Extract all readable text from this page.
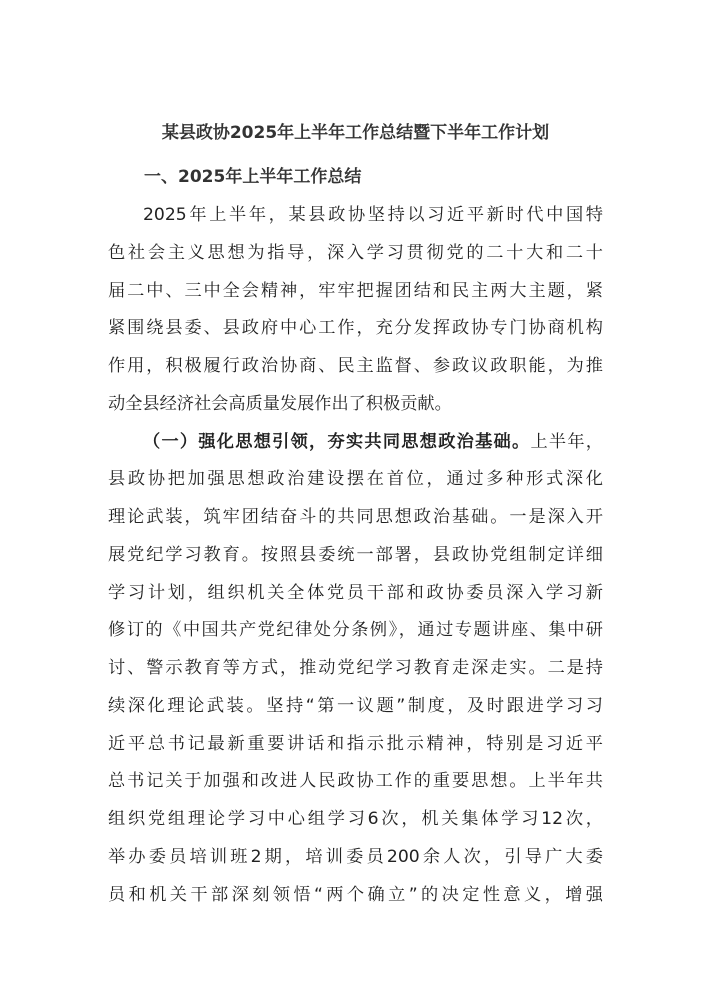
某县政协2025年上半年工作总结暨下半年工作计划
一、2025年上半年工作总结
2025年上半年，某县政协坚持以习近平新时代中国特
色社会主义思想为指导，深入学习贯彻党的二十大和二十
届二中、三中全会精神，牢牢把握团结和民主两大主题，紧
紧围绕县委、县政府中心工作，充分发挥政协专门协商机构
作用，积极履行政治协商、民主监督、参政议政职能，为推
动全县经济社会高质量发展作出了积极贡献。
（一）强化思想引领，夯实共同思想政治基础。上半年，
县政协把加强思想政治建设摆在首位，通过多种形式深化
理论武装，筑牢团结奋斗的共同思想政治基础。一是深入开
展党纪学习教育。按照县委统一部署，县政协党组制定详细
学习计划，组织机关全体党员干部和政协委员深入学习新
修订的《中国共产党纪律处分条例》，通过专题讲座、集中研
讨、警示教育等方式，推动党纪学习教育走深走实。二是持
续深化理论武装。坚持“第一议题”制度，及时跟进学习习
近平总书记最新重要讲话和指示批示精神，特别是习近平
总书记关于加强和改进人民政协工作的重要思想。上半年共
组织党组理论学习中心组学习6次，机关集体学习12次，
举办委员培训班2期，培训委员200余人次，引导广大委
员和机关干部深刻领悟“两个确立”的决定性意义，增强
